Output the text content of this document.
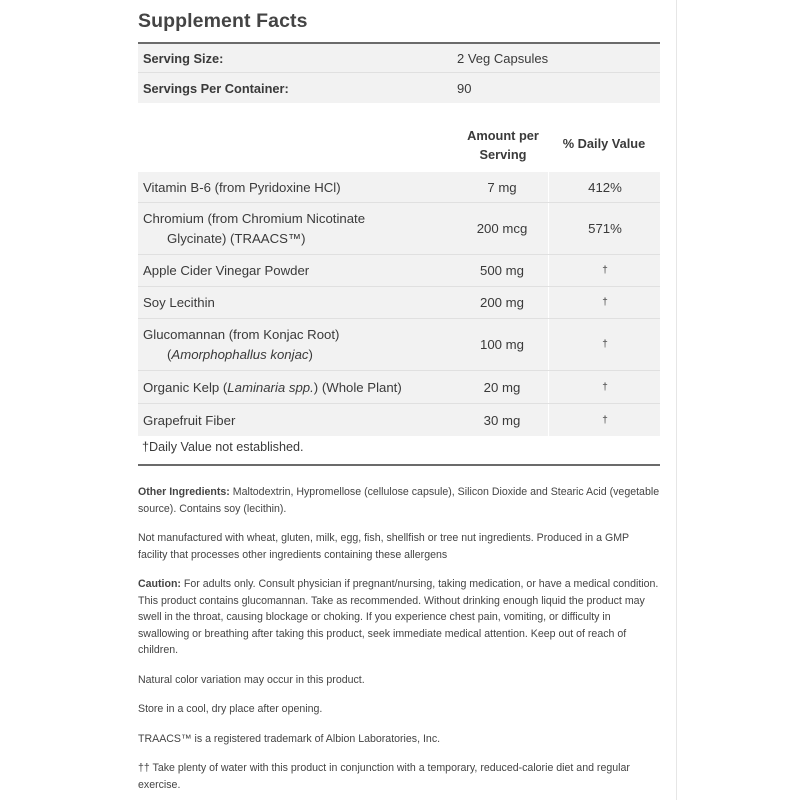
Supplement Facts
Serving Size:	2 Veg Capsules
Servings Per Container:	90
Amount per
Serving
% Daily Value
Vitamin B-6 (from Pyridoxine HCl)	7 mg	412%
Chromium (from Chromium Nicotinate
Glycinate) (TRAACS™)
200 mcg	571%
Apple Cider Vinegar Powder	500 mg	†
Soy Lecithin	200 mg	†
Glucomannan (from Konjac Root)
(Amorphophallus konjac)
100 mg	†
Organic Kelp ( Laminaria spp. ) (Whole Plant)	20 mg	†
Grapefruit Fiber	30 mg	†
†Daily Value not established.

Other Ingredients: Maltodextrin, Hypromellose (cellulose capsule), Silicon Dioxide and Stearic Acid (vegetable source). Contains soy (lecithin).

Not manufactured with wheat, gluten, milk, egg, fish, shellfish or tree nut ingredients. Produced in a GMP facility that processes other ingredients containing these allergens

Caution: For adults only. Consult physician if pregnant/nursing, taking medication, or have a medical condition. This product contains glucomannan. Take as recommended. Without drinking enough liquid the product may swell in the throat, causing blockage or choking. If you experience chest pain, vomiting, or difficulty in swallowing or breathing after taking this product, seek immediate medical attention. Keep out of reach of children.

Natural color variation may occur in this product.

Store in a cool, dry place after opening.

TRAACS™ is a registered trademark of Albion Laboratories, Inc.

†† Take plenty of water with this product in conjunction with a temporary, reduced-calorie diet and regular exercise.
